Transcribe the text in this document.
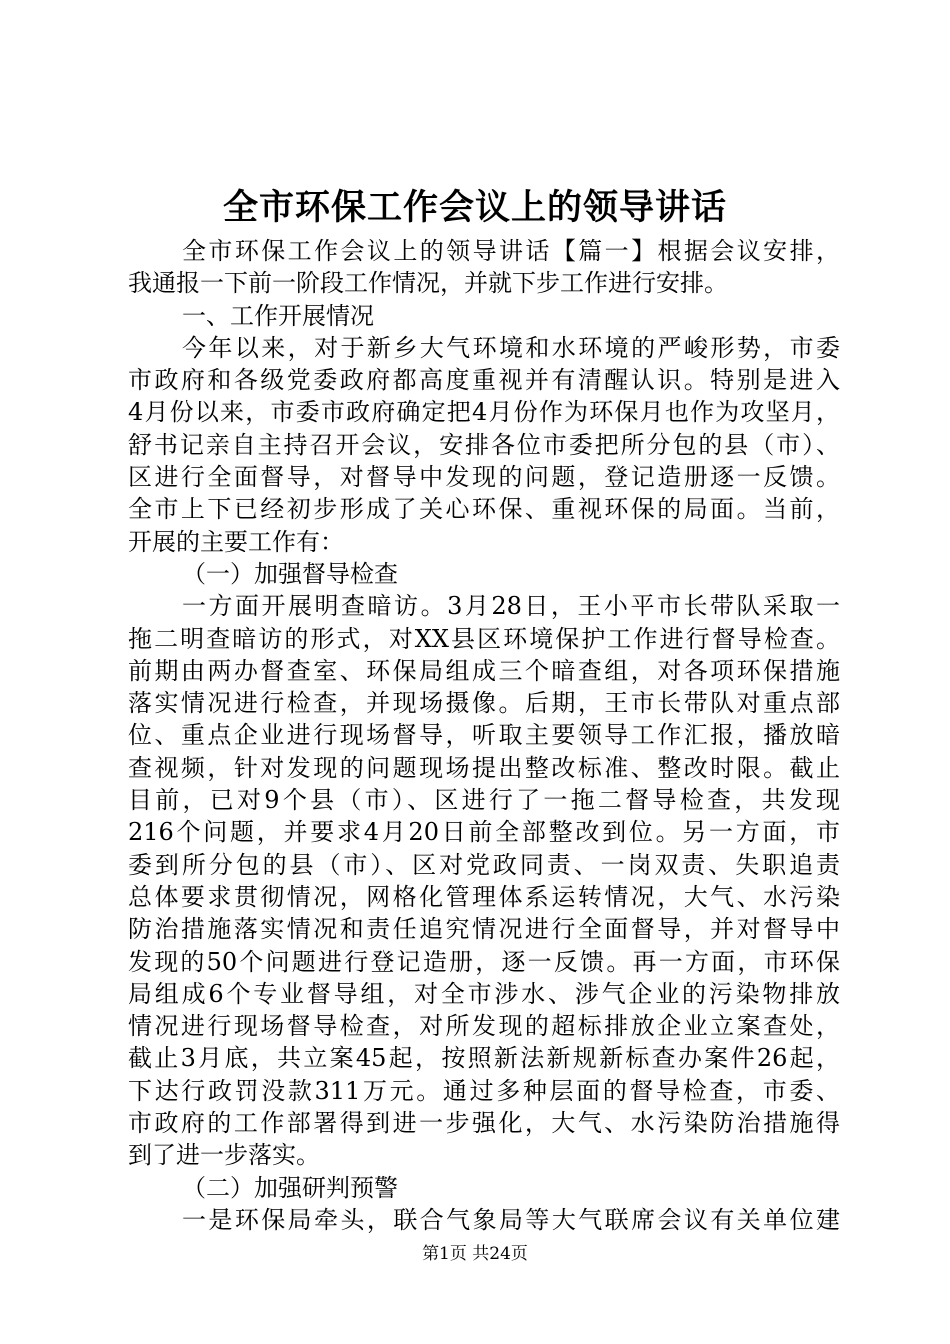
全市环保工作会议上的领导讲话
全市环保工作会议上的领导讲话【篇一】根据会议安排，
我通报一下前一阶段工作情况，并就下步工作进行安排。
一、工作开展情况
今年以来，对于新乡大气环境和水环境的严峻形势，市委
市政府和各级党委政府都高度重视并有清醒认识。特别是进入
4月份以来，市委市政府确定把4月份作为环保月也作为攻坚月，
舒书记亲自主持召开会议，安排各位市委把所分包的县（市）、
区进行全面督导，对督导中发现的问题，登记造册逐一反馈。
全市上下已经初步形成了关心环保、重视环保的局面。当前，
开展的主要工作有：
（一）加强督导检查
一方面开展明查暗访。3月28日，王小平市长带队采取一
拖二明查暗访的形式，对XX县区环境保护工作进行督导检查。
前期由两办督查室、环保局组成三个暗查组，对各项环保措施
落实情况进行检查，并现场摄像。后期，王市长带队对重点部
位、重点企业进行现场督导，听取主要领导工作汇报，播放暗
查视频，针对发现的问题现场提出整改标准、整改时限。截止
目前，已对9个县（市）、区进行了一拖二督导检查，共发现
216个问题，并要求4月20日前全部整改到位。另一方面，市
委到所分包的县（市）、区对党政同责、一岗双责、失职追责
总体要求贯彻情况，网格化管理体系运转情况，大气、水污染
防治措施落实情况和责任追究情况进行全面督导，并对督导中
发现的50个问题进行登记造册，逐一反馈。再一方面，市环保
局组成6个专业督导组，对全市涉水、涉气企业的污染物排放
情况进行现场督导检查，对所发现的超标排放企业立案查处，
截止3月底，共立案45起，按照新法新规新标查办案件26起，
下达行政罚没款311万元。通过多种层面的督导检查，市委、
市政府的工作部署得到进一步强化，大气、水污染防治措施得
到了进一步落实。
（二）加强研判预警
一是环保局牵头，联合气象局等大气联席会议有关单位建
第1页 共24页
